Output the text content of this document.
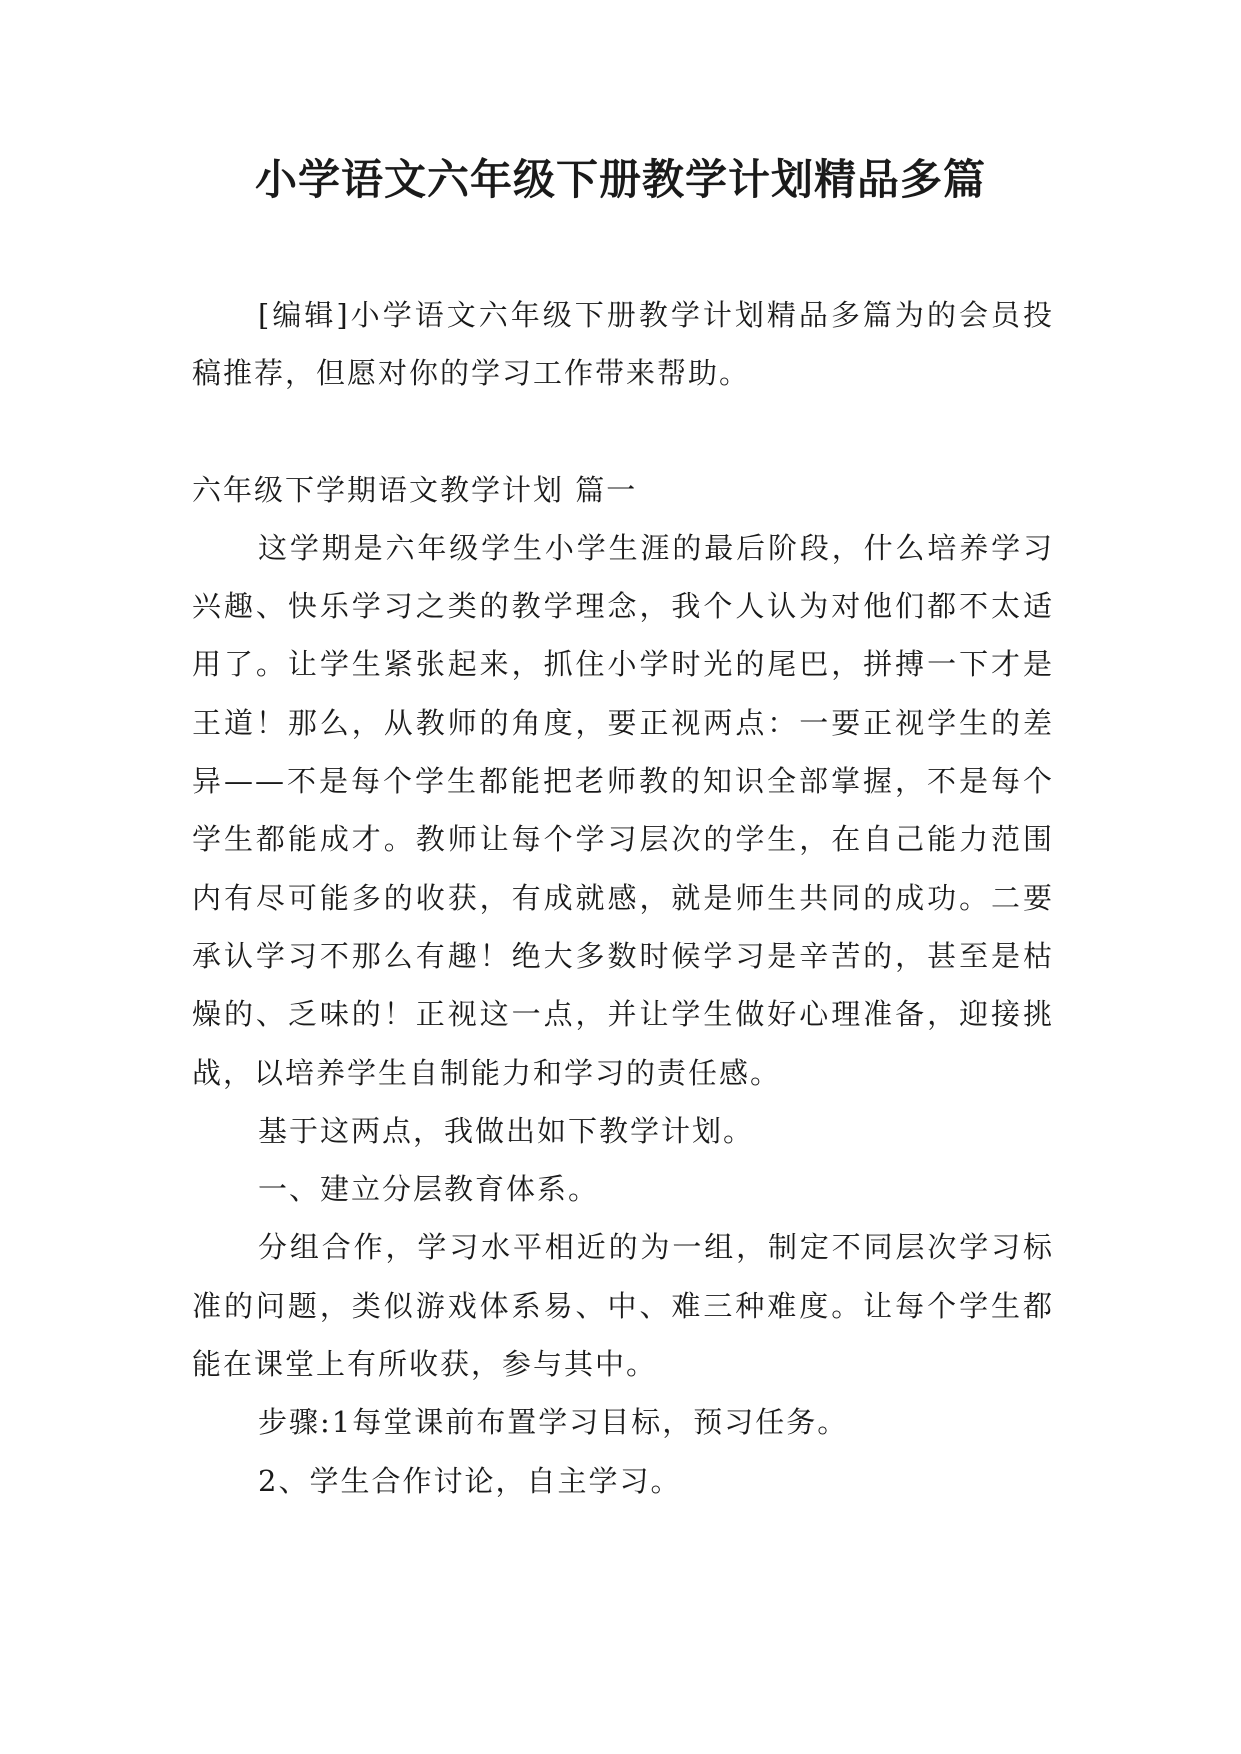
小学语文六年级下册教学计划精品多篇

[编辑]小学语文六年级下册教学计划精品多篇为的会员投稿推荐，但愿对你的学习工作带来帮助。

六年级下学期语文教学计划 篇一

这学期是六年级学生小学生涯的最后阶段，什么培养学习兴趣、快乐学习之类的教学理念，我个人认为对他们都不太适用了。让学生紧张起来，抓住小学时光的尾巴，拼搏一下才是王道！那么，从教师的角度，要正视两点：一要正视学生的差异——不是每个学生都能把老师教的知识全部掌握，不是每个学生都能成才。教师让每个学习层次的学生，在自己能力范围内有尽可能多的收获，有成就感，就是师生共同的成功。二要承认学习不那么有趣！绝大多数时候学习是辛苦的，甚至是枯燥的、乏味的！正视这一点，并让学生做好心理准备，迎接挑战，以培养学生自制能力和学习的责任感。

基于这两点，我做出如下教学计划。

一、建立分层教育体系。

分组合作，学习水平相近的为一组，制定不同层次学习标准的问题，类似游戏体系易、中、难三种难度。让每个学生都能在课堂上有所收获，参与其中。

步骤:1每堂课前布置学习目标，预习任务。

2、学生合作讨论，自主学习。
